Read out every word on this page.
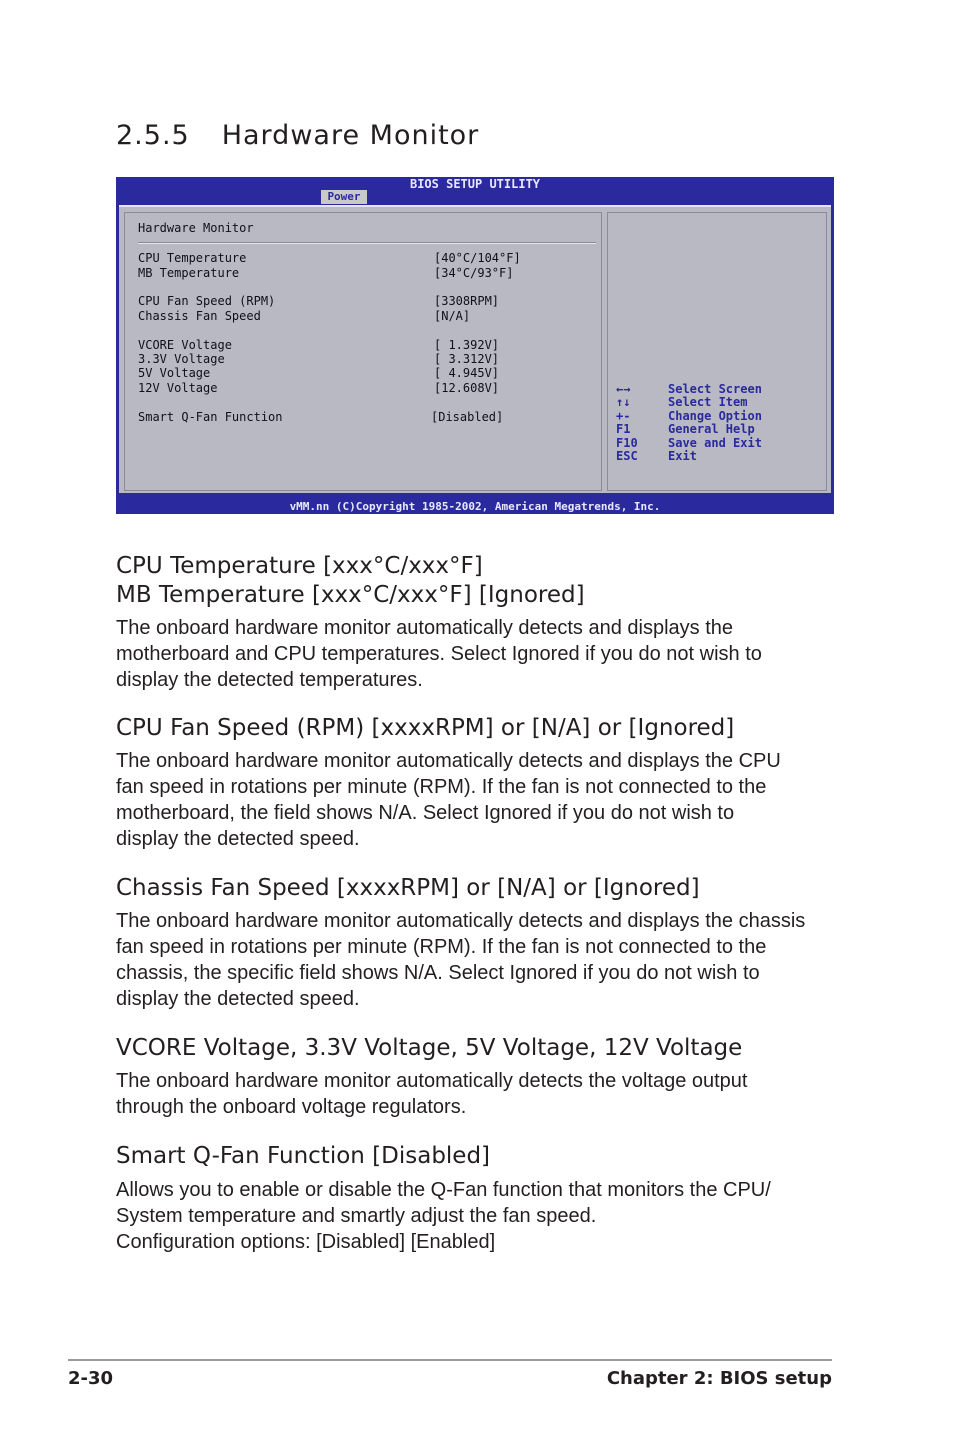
2.5.5 Hardware Monitor
BIOS SETUP UTILITY
Power
Hardware Monitor
CPU Temperature	[40°C/104°F]
MB Temperature	[34°C/93°F]
CPU Fan Speed (RPM)	[3308RPM]
Chassis Fan Speed	[N/A]
VCORE Voltage	[ 1.392V]
3.3V Voltage	[ 3.312V]
5V Voltage	[ 4.945V]
12V Voltage	[12.608V]
Smart Q-Fan Function	[Disabled]
←→	Select Screen
↑↓	Select Item
+-	Change Option
F1	General Help
F10	Save and Exit
ESC	Exit
vMM.nn (C)Copyright 1985-2002, American Megatrends, Inc.
CPU Temperature [xxx°C/xxx°F]
MB Temperature [xxx°C/xxx°F] [Ignored]

The onboard hardware monitor automatically detects and displays the
motherboard and CPU temperatures. Select Ignored if you do not wish to
display the detected temperatures.

CPU Fan Speed (RPM) [xxxxRPM] or [N/A] or [Ignored]

The onboard hardware monitor automatically detects and displays the CPU
fan speed in rotations per minute (RPM). If the fan is not connected to the
motherboard, the field shows N/A. Select Ignored if you do not wish to
display the detected speed.

Chassis Fan Speed [xxxxRPM] or [N/A] or [Ignored]

The onboard hardware monitor automatically detects and displays the chassis
fan speed in rotations per minute (RPM). If the fan is not connected to the
chassis, the specific field shows N/A. Select Ignored if you do not wish to
display the detected speed.

VCORE Voltage, 3.3V Voltage, 5V Voltage, 12V Voltage

The onboard hardware monitor automatically detects the voltage output
through the onboard voltage regulators.

Smart Q-Fan Function [Disabled]

Allows you to enable or disable the Q-Fan function that monitors the CPU/
System temperature and smartly adjust the fan speed.
Configuration options: [Disabled] [Enabled]

2-30	Chapter 2: BIOS setup
